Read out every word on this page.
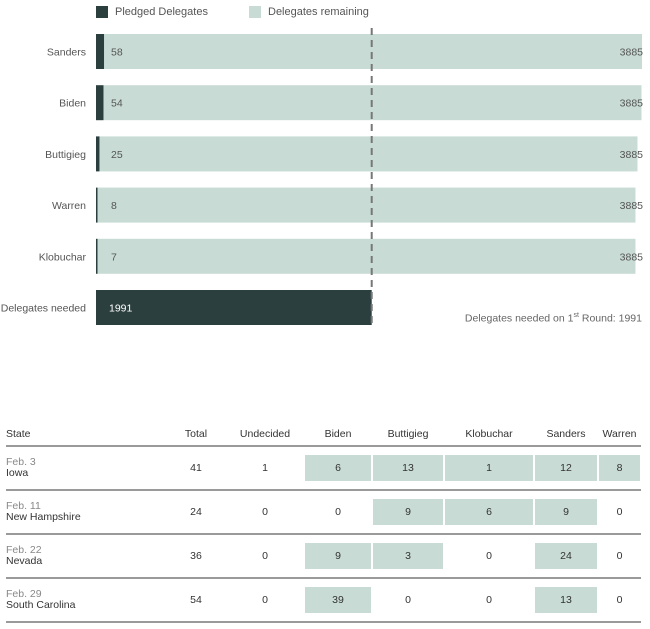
Pledged Delegates	Delegates remaining
Sanders 58	3885
Biden 54	3885
Buttigieg 25	3885
Warren 8	3885
Klobuchar 7	3885
Delegates needed 1991
Delegates needed on 1st Round: 1991
State	Total	Undecided	Biden	Buttigieg	Klobuchar	Sanders	Warren

Feb. 3
Iowa	41	1	6	13	1	12	8

Feb. 11
New Hampshire	24	0	0	9	6	9	0

Feb. 22
Nevada	36	0	9	3	0	24	0

Feb. 29
South Carolina	54	0	39	0	0	13	0
